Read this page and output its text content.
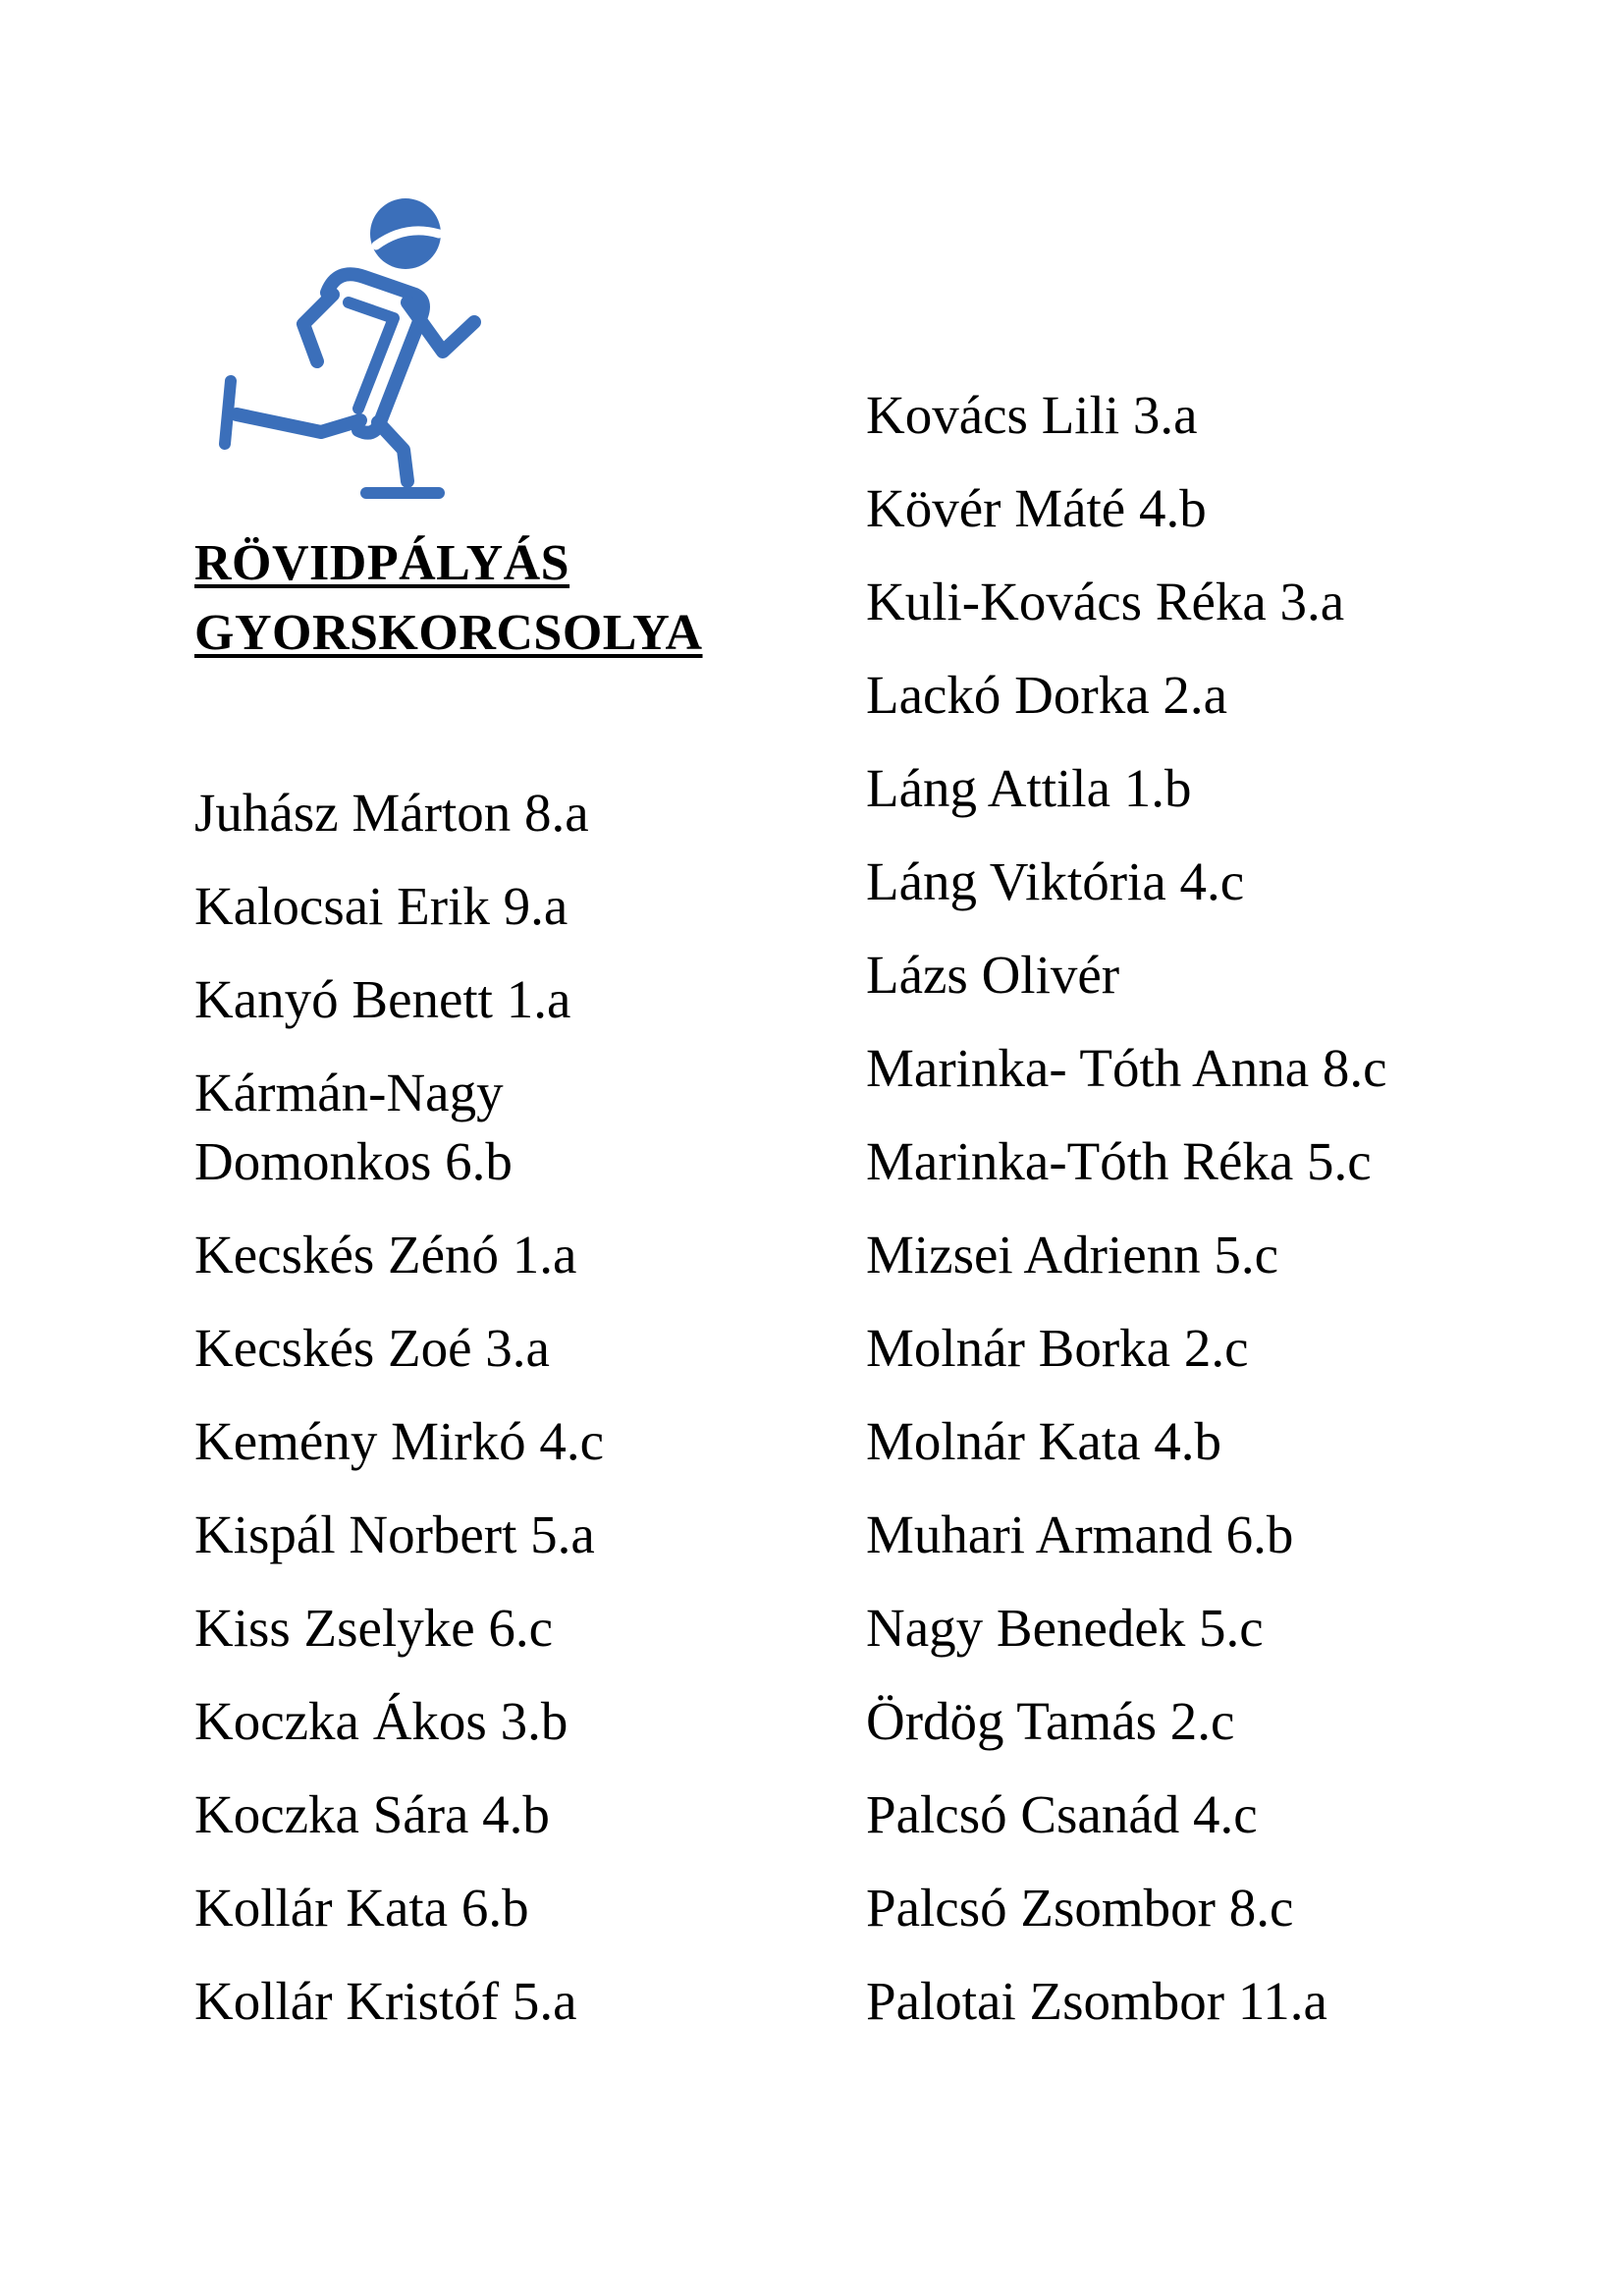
RÖVIDPÁLYÁS
GYORSKORCSOLYA
Juhász Márton 8.a
Kalocsai Erik 9.a
Kanyó Benett 1.a
Kármán-Nagy Domonkos 6.b
Kecskés Zénó 1.a
Kecskés Zoé 3.a
Kemény Mirkó 4.c
Kispál Norbert 5.a
Kiss Zselyke 6.c
Koczka Ákos 3.b
Koczka Sára 4.b
Kollár Kata 6.b
Kollár Kristóf 5.a
Kovács Lili 3.a
Kövér Máté 4.b
Kuli-Kovács Réka 3.a
Lackó Dorka 2.a
Láng Attila 1.b
Láng Viktória 4.c
Lázs Olivér
Marinka- Tóth Anna 8.c
Marinka-Tóth Réka 5.c
Mizsei Adrienn 5.c
Molnár Borka 2.c
Molnár Kata 4.b
Muhari Armand 6.b
Nagy Benedek 5.c
Ördög Tamás 2.c
Palcsó Csanád 4.c
Palcsó Zsombor 8.c
Palotai Zsombor 11.a
